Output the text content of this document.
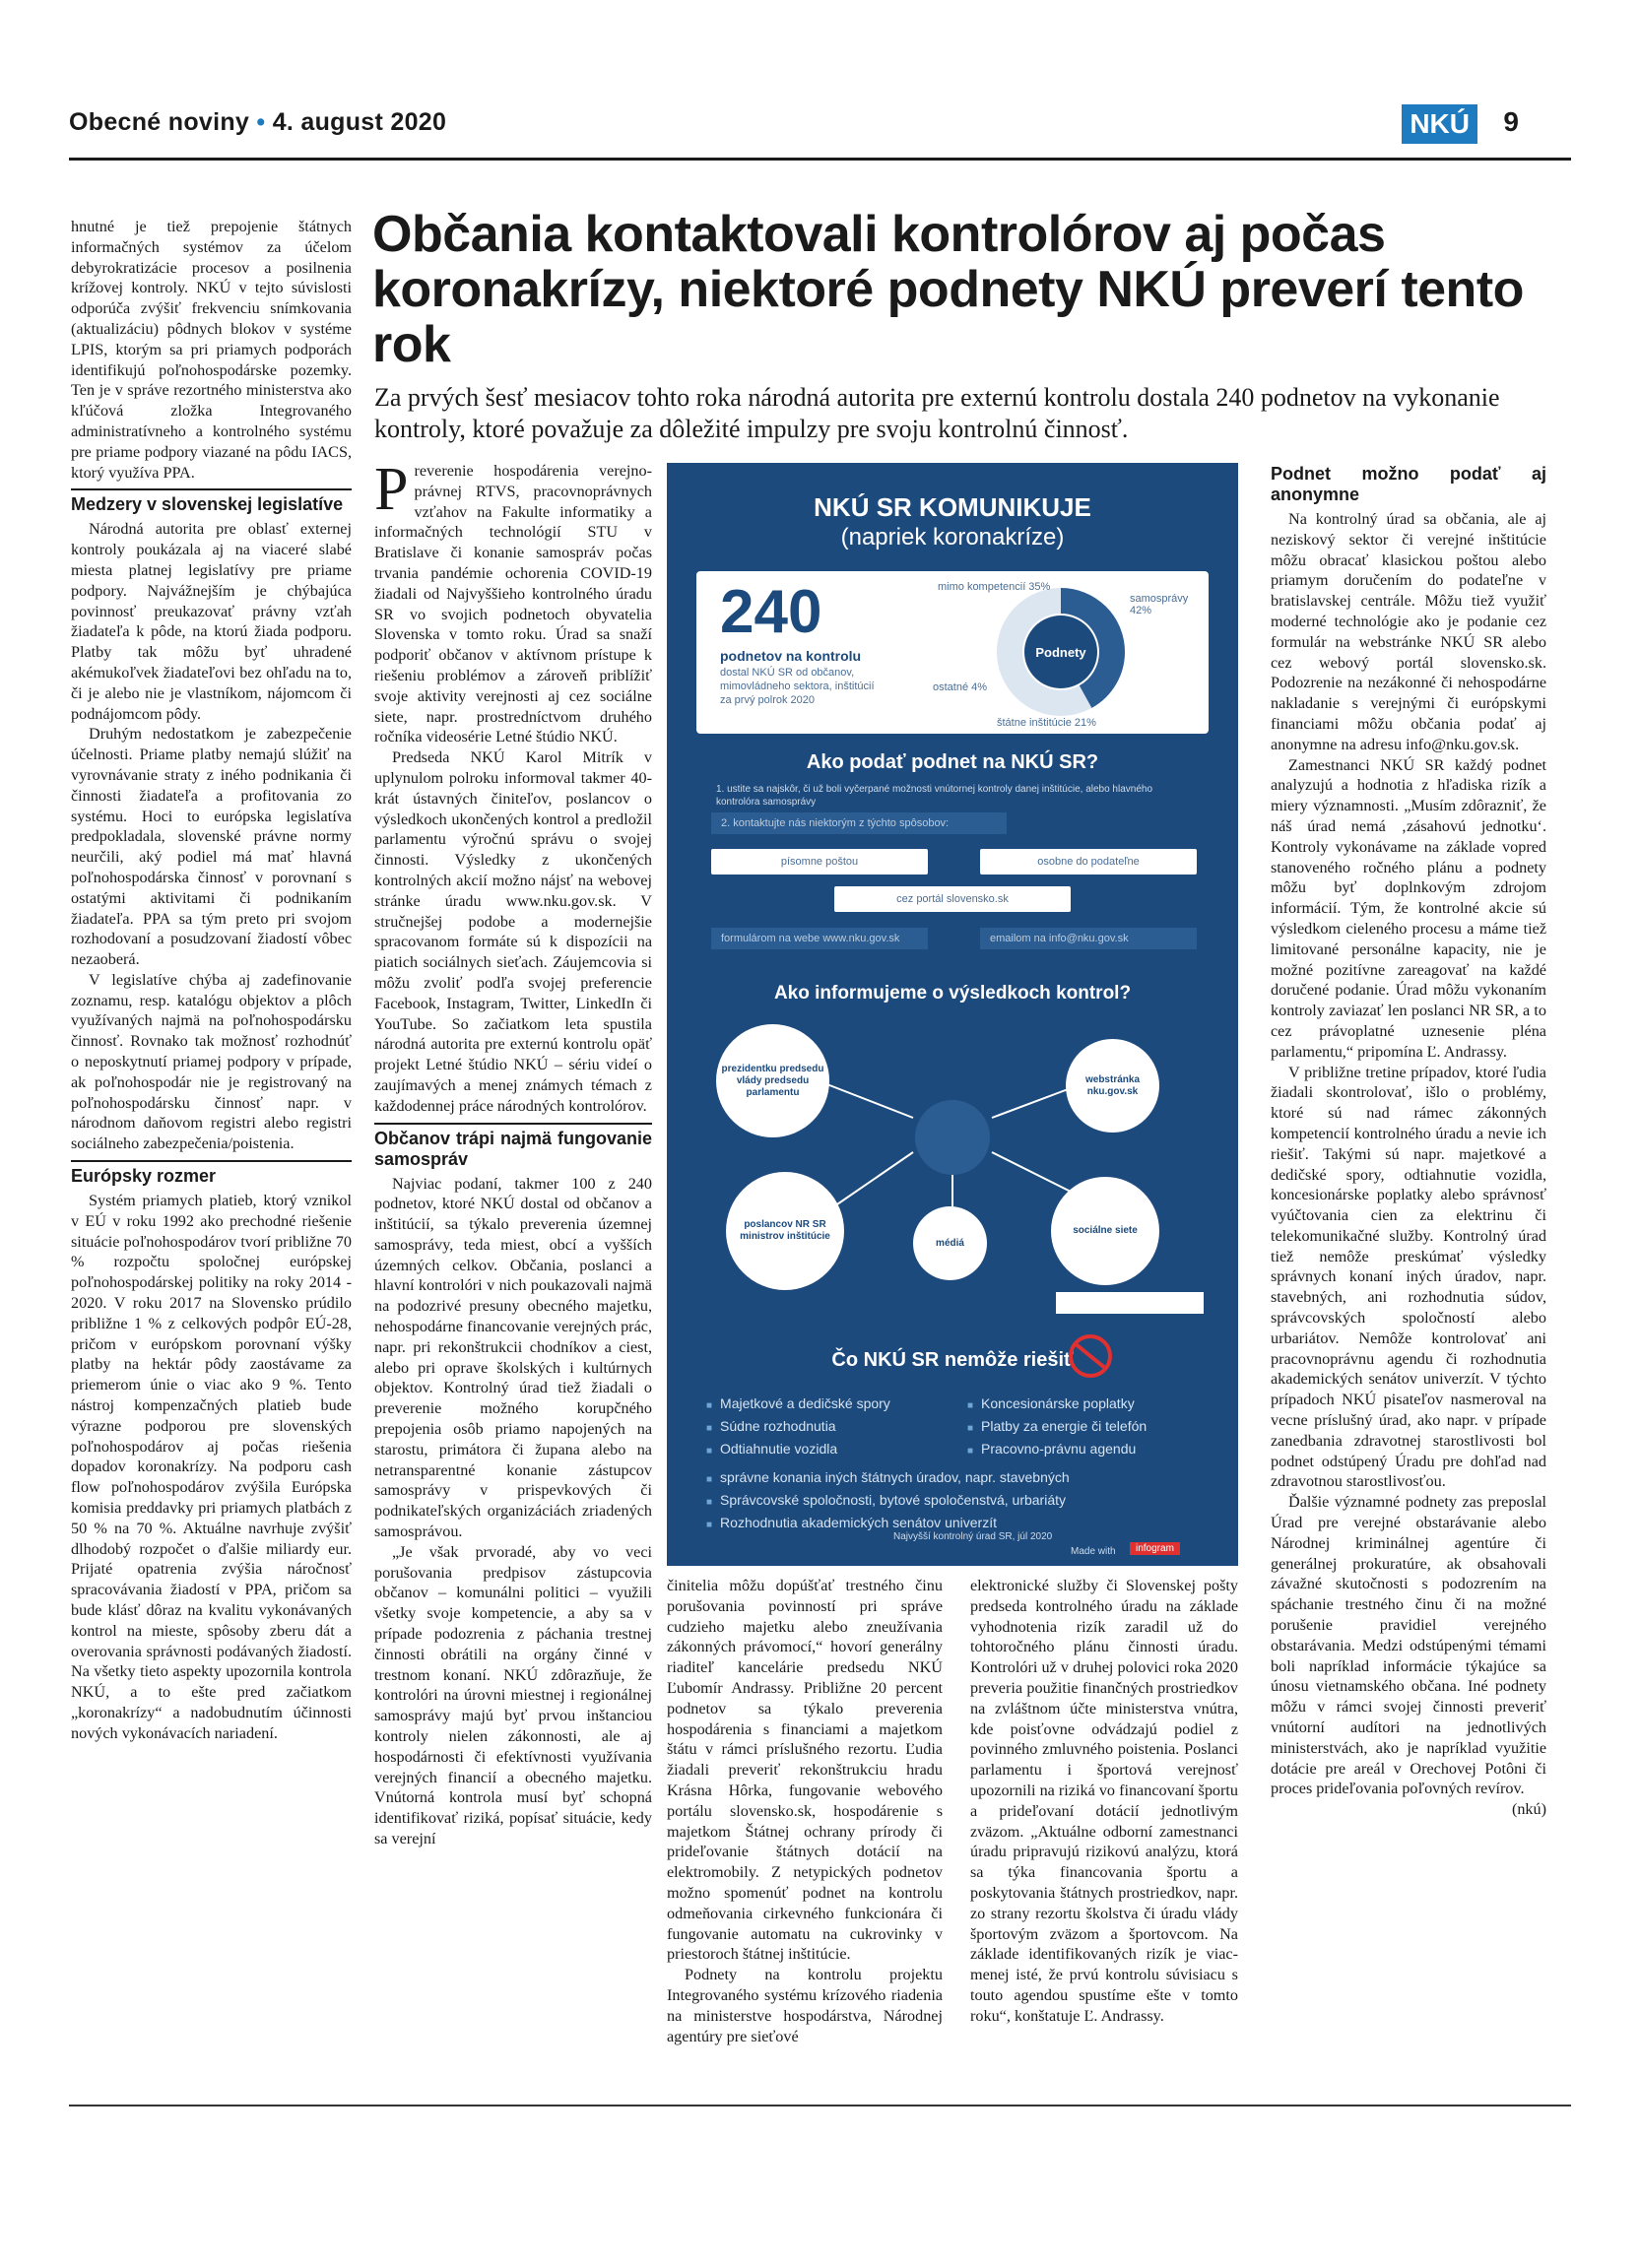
Obecné noviny • 4. august 2020	NKÚ 9

hnutné je tiež prepojenie štátnych informačných systémov za účelom debyrokratizácie procesov a posilnenia krížovej kontroly. NKÚ v tejto súvislosti odporúča zvýšiť frekvenciu snímkovania (aktualizáciu) pôdnych blokov v systéme LPIS, ktorým sa pri priamych podporách identifikujú poľnohospodárske pozemky. Ten je v správe rezortného ministerstva ako kľúčová zložka Integrovaného administratívneho a kontrolného systému pre priame podpory viazané na pôdu IACS, ktorý využíva PPA.

Medzery v slovenskej legislatíve

Národná autorita pre oblasť externej kontroly poukázala aj na viaceré slabé miesta platnej legislatívy pre priame podpory. Najvážnejším je chýbajúca povinnosť preukazovať právny vzťah žiadateľa k pôde, na ktorú žiada podporu. Platby tak môžu byť uhradené akémukoľvek žiadateľovi bez ohľadu na to, či je alebo nie je vlastníkom, nájomcom či podnájomcom pôdy.

Druhým nedostatkom je zabezpečenie účelnosti. Priame platby nemajú slúžiť na vyrovnávanie straty z iného podnikania či činnosti žiadateľa a profitovania zo systému. Hoci to európska legislatíva predpokladala, slovenské právne normy neurčili, aký podiel má mať hlavná poľnohospodárska činnosť v porovnaní s ostatými aktivitami či podnikaním žiadateľa. PPA sa tým preto pri svojom rozhodovaní a posudzovaní žiadostí vôbec nezaoberá.

V legislatíve chýba aj zadefinovanie zoznamu, resp. katalógu objektov a plôch využívaných najmä na poľnohospodársku činnosť. Rovnako tak možnosť rozhodnúť o neposkytnutí priamej podpory v prípade, ak poľnohospodár nie je registrovaný na poľnohospodársku činnosť napr. v národnom daňovom registri alebo registri sociálneho zabezpečenia/poistenia.

Európsky rozmer

Systém priamych platieb, ktorý vznikol v EÚ v roku 1992 ako prechodné riešenie situácie poľnohospodárov tvorí približne 70 % rozpočtu spoločnej európskej poľnohospodárskej politiky na roky 2014 - 2020. V roku 2017 na Slovensko prúdilo približne 1 % z celkových podpôr EÚ-28, pričom v európskom porovnaní výšky platby na hektár pôdy zaostávame za priemerom únie o viac ako 9 %. Tento nástroj kompenzačných platieb bude výrazne podporou pre slovenských poľnohospodárov aj počas riešenia dopadov koronakrízy. Na podporu cash flow poľnohospodárov zvýšila Európska komisia preddavky pri priamych platbách z 50 % na 70 %. Aktuálne navrhuje zvýšiť dlhodobý rozpočet o ďalšie miliardy eur. Prijaté opatrenia zvýšia náročnosť spracovávania žiadostí v PPA, pričom sa bude klásť dôraz na kvalitu vykonávaných kontrol na mieste, spôsoby zberu dát a overovania správnosti podávaných žiadostí. Na všetky tieto aspekty upozornila kontrola NKÚ, a to ešte pred začiatkom „koronakrízy“ a nadobudnutím účinnosti nových vykonávacích nariadení.

Občania kontaktovali kontrolórov aj počas koronakrízy, niektoré podnety NKÚ preverí tento rok

Za prvých šesť mesiacov tohto roka národná autorita pre externú kontrolu dostala 240 podnetov na vykonanie kontroly, ktoré považuje za dôležité impulzy pre svoju kontrolnú činnosť.

Preverenie hospodárenia verejno-právnej RTVS, pracovnoprávnych vzťahov na Fakulte informatiky a informačných technológií STU v Bratislave či konanie samospráv počas trvania pandémie ochorenia COVID-19 žiadali od Najvyššieho kontrolného úradu SR vo svojich podnetoch obyvatelia Slovenska v tomto roku. Úrad sa snaží podporiť občanov v aktívnom prístupe k riešeniu problémov a zároveň priblížiť svoje aktivity verejnosti aj cez sociálne siete, napr. prostredníctvom druhého ročníka videosérie Letné štúdio NKÚ.

Predseda NKÚ Karol Mitrík v uplynulom polroku informoval takmer 40-krát ústavných činiteľov, poslancov o výsledkoch ukončených kontrol a predložil parlamentu výročnú správu o svojej činnosti. Výsledky z ukončených kontrolných akcií možno nájsť na webovej stránke úradu www.nku.gov.sk. V stručnejšej podobe a modernejšie spracovanom formáte sú k dispozícii na piatich sociálnych sieťach. Záujemcovia si môžu zvoliť podľa svojej preferencie Facebook, Instagram, Twitter, LinkedIn či YouTube. So začiatkom leta spustila národná autorita pre externú kontrolu opäť projekt Letné štúdio NKÚ – sériu videí o zaujímavých a menej známych témach z každodennej práce národných kontrolórov.

Občanov trápi najmä fungovanie samospráv

Najviac podaní, takmer 100 z 240 podnetov, ktoré NKÚ dostal od občanov a inštitúcií, sa týkalo preverenia územnej samosprávy, teda miest, obcí a vyšších územných celkov. Občania, poslanci a hlavní kontrolóri v nich poukazovali najmä na podozrivé presuny obecného majetku, nehospodárne financovanie verejných prác, napr. pri rekonštrukcii chodníkov a ciest, alebo pri oprave školských i kultúrnych objektov. Kontrolný úrad tiež žiadali o preverenie možného korupčného prepojenia osôb priamo napojených na starostu, primátora či župana alebo na netransparentné konanie zástupcov samosprávy v prispevkových či podnikateľských organizáciách zriadených samosprávou.

„Je však prvoradé, aby vo veci porušovania predpisov zástupcovia občanov – komunálni politici – využili všetky svoje kompetencie, a aby sa v prípade podozrenia z páchania trestnej činnosti obrátili na orgány činné v trestnom konaní. NKÚ zdôrazňuje, že kontrolóri na úrovni miestnej i regionálnej samosprávy majú byť prvou inštanciou kontroly nielen zákonnosti, ale aj hospodárnosti či efektívnosti využívania verejných financií a obecného majetku. Vnútorná kontrola musí byť schopná identifikovať riziká, popísať situácie, kedy sa verejní

NKÚ SR KOMUNIKUJE
(napriek koronakríze)
240
podnetov na kontrolu
dostal NKÚ SR od občanov, mimovládneho sektora, inštitúcií za prvý polrok 2020
Podnety
mimo kompetencií 35%
samosprávy 42%
ostatné 4%
štátne inštitúcie 21%
Ako podať podnet na NKÚ SR?
1. ustite sa najskôr, či už boli vyčerpané možnosti vnútornej kontroly danej inštitúcie, alebo hlavného kontrolóra samosprávy
2. kontaktujte nás niektorým z týchto spôsobov:
písomne poštou	osobne do podateľne
cez portál slovensko.sk
formulárom na webe www.nku.gov.sk	emailom na info@nku.gov.sk
Ako informujeme o výsledkoch kontrol?
prezidentku predsedu vlády predsedu parlamentu
webstránka nku.gov.sk
poslancov NR SR ministrov inštitúcie
médiá
sociálne siete
Čo NKÚ SR nemôže riešiť
■ Majetkové a dedičské spory
■ Súdne rozhodnutia
■ Odtiahnutie vozidla
■ Koncesionárske poplatky
■ Platby za energie či telefón
■ Pracovno-právnu agendu
■ správne konania iných štátnych úradov, napr. stavebných
■ Správcovské spoločnosti, bytové spoločenstvá, urbariáty
■ Rozhodnutia akademických senátov univerzít
Najvyšší kontrolný úrad SR, júl 2020
Made with	infogram

činitelia môžu dopúšťať trestného činu porušovania povinností pri správe cudzieho majetku alebo zneužívania zákonných právomocí,“ hovorí generálny riaditeľ kancelárie predsedu NKÚ Ľubomír Andrassy. Približne 20 percent podnetov sa týkalo preverenia hospodárenia s financiami a majetkom štátu v rámci príslušného rezortu. Ľudia žiadali preveriť rekonštrukciu hradu Krásna Hôrka, fungovanie webového portálu slovensko.sk, hospodárenie s majetkom Štátnej ochrany prírody či prideľovanie štátnych dotácií na elektromobily. Z netypických podnetov možno spomenúť podnet na kontrolu odmeňovania cirkevného funkcionára či fungovanie automatu na cukrovinky v priestoroch štátnej inštitúcie.

Podnety na kontrolu projektu Integrovaného systému krízového riadenia na ministerstve hospodárstva, Národnej agentúry pre sieťové

elektronické služby či Slovenskej pošty predseda kontrolného úradu na základe vyhodnotenia rizík zaradil už do tohtoročného plánu činnosti úradu. Kontrolóri už v druhej polovici roka 2020 preveria použitie finančných prostriedkov na zvláštnom účte ministerstva vnútra, kde poisťovne odvádzajú podiel z povinného zmluvného poistenia. Poslanci parlamentu i športová verejnosť upozornili na riziká vo financovaní športu a prideľovaní dotácií jednotlivým zväzom. „Aktuálne odborní zamestnanci úradu pripravujú rizikovú analýzu, ktorá sa týka financovania športu a poskytovania štátnych prostriedkov, napr. zo strany rezortu školstva či úradu vlády športovým zväzom a športovcom. Na základe identifikovaných rizík je viac-menej isté, že prvú kontrolu súvisiacu s touto agendou spustíme ešte v tomto roku“, konštatuje Ľ. Andrassy.

Podnet možno podať aj anonymne

Na kontrolný úrad sa občania, ale aj neziskový sektor či verejné inštitúcie môžu obracať klasickou poštou alebo priamym doručením do podateľne v bratislavskej centrále. Môžu tiež využiť moderné technológie ako je podanie cez formulár na webstránke NKÚ SR alebo cez webový portál slovensko.sk. Podozrenie na nezákonné či nehospodárne nakladanie s verejnými či európskymi financiami môžu občania podať aj anonymne na adresu info@nku.gov.sk.

Zamestnanci NKÚ SR každý podnet analyzujú a hodnotia z hľadiska rizík a miery významnosti. „Musím zdôrazniť, že náš úrad nemá ‚zásahovú jednotku‘. Kontroly vykonávame na základe vopred stanoveného ročného plánu a podnety môžu byť doplnkovým zdrojom informácií. Tým, že kontrolné akcie sú výsledkom cieleného procesu a máme tiež limitované personálne kapacity, nie je možné pozitívne zareagovať na každé doručené podanie. Úrad môžu vykonaním kontroly zaviazať len poslanci NR SR, a to cez právoplatné uznesenie pléna parlamentu,“ pripomína Ľ. Andrassy.

V približne tretine prípadov, ktoré ľudia žiadali skontrolovať, išlo o problémy, ktoré sú nad rámec zákonných kompetencií kontrolného úradu a nevie ich riešiť. Takými sú napr. majetkové a dedičské spory, odtiahnutie vozidla, koncesionárske poplatky alebo správnosť vyúčtovania cien za elektrinu či telekomunikačné služby. Kontrolný úrad tiež nemôže preskúmať výsledky správnych konaní iných úradov, napr. stavebných, ani rozhodnutia súdov, správcovských spoločností alebo urbariátov. Nemôže kontrolovať ani pracovnoprávnu agendu či rozhodnutia akademických senátov univerzít. V týchto prípadoch NKÚ pisateľov nasmeroval na vecne príslušný úrad, ako napr. v prípade zanedbania zdravotnej starostlivosti bol podnet odstúpený Úradu pre dohľad nad zdravotnou starostlivosťou.

Ďalšie významné podnety zas preposlal Úrad pre verejné obstarávanie alebo Národnej kriminálnej agentúre či generálnej prokuratúre, ak obsahovali závažné skutočnosti s podozrením na spáchanie trestného činu či na možné porušenie pravidiel verejného obstarávania. Medzi odstúpenými témami boli napríklad informácie týkajúce sa únosu vietnamského občana. Iné podnety môžu v rámci svojej činnosti preveriť vnútorní audítori na jednotlivých ministerstvách, ako je napríklad využitie dotácie pre areál v Orechovej Potôni či proces prideľovania poľovných revírov.

(nkú)
